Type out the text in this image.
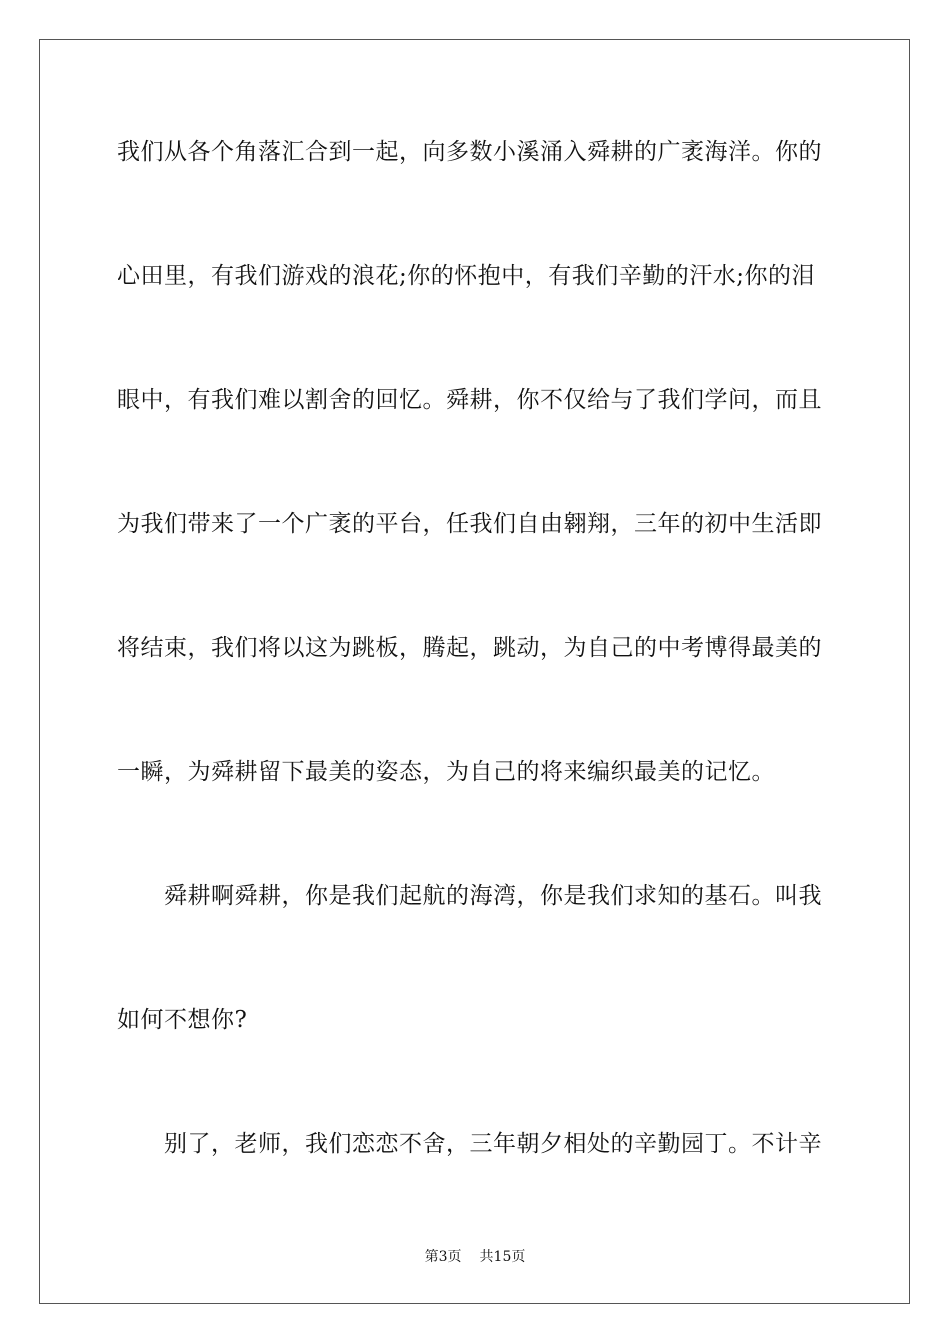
我们从各个角落汇合到一起，向多数小溪涌入舜耕的广袤海洋。你的
心田里，有我们游戏的浪花;你的怀抱中，有我们辛勤的汗水;你的泪
眼中，有我们难以割舍的回忆。舜耕，你不仅给与了我们学问，而且
为我们带来了一个广袤的平台，任我们自由翱翔，三年的初中生活即
将结束，我们将以这为跳板，腾起，跳动，为自己的中考博得最美的
一瞬，为舜耕留下最美的姿态，为自己的将来编织最美的记忆。
舜耕啊舜耕，你是我们起航的海湾，你是我们求知的基石。叫我
如何不想你?
别了，老师，我们恋恋不舍，三年朝夕相处的辛勤园丁。不计辛
第3页 共15页
